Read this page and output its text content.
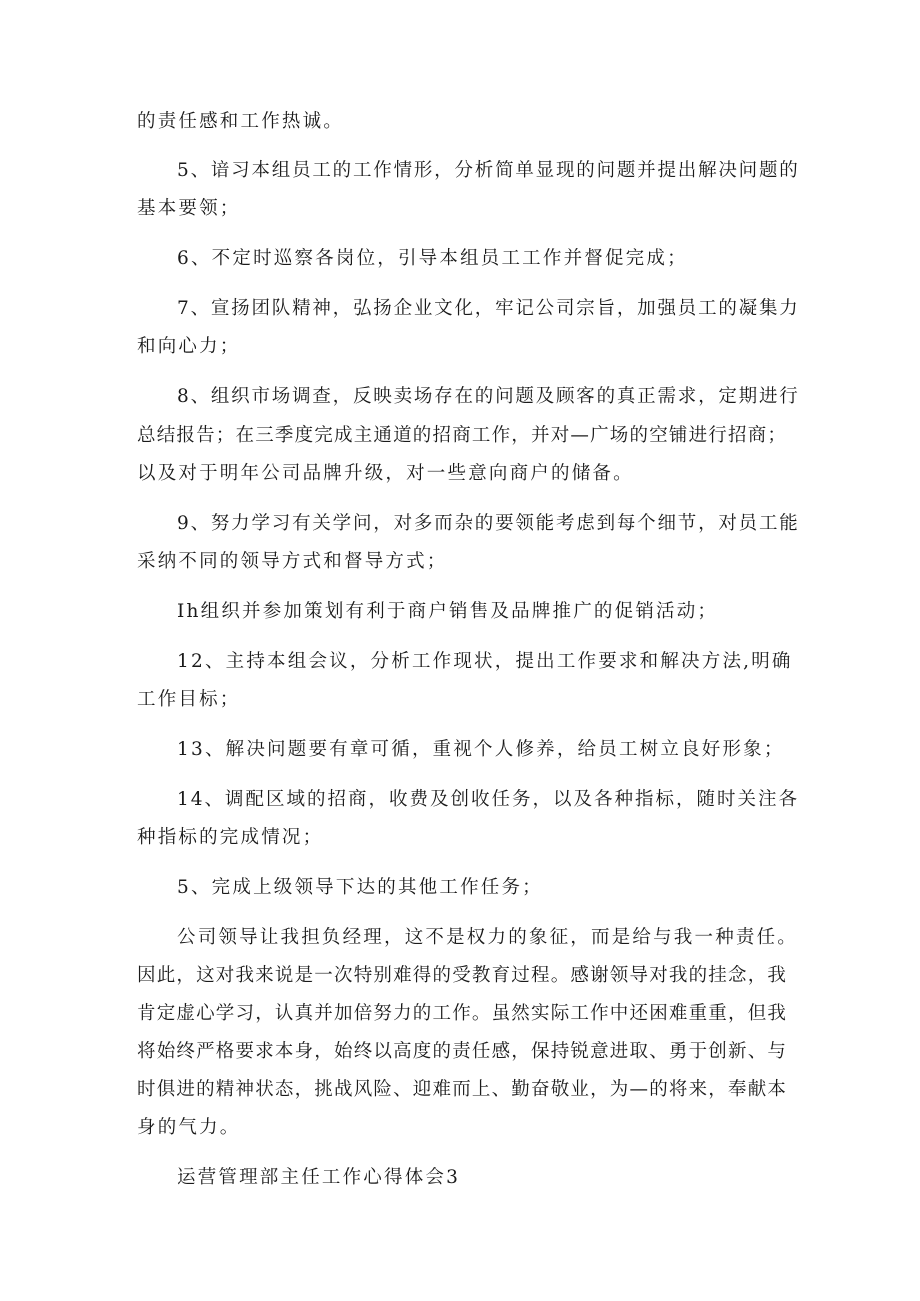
的责任感和工作热诚。

5、谙习本组员工的工作情形，分析简单显现的问题并提出解决问题的

基本要领；

6、不定时巡察各岗位，引导本组员工工作并督促完成；

7、宣扬团队精神，弘扬企业文化，牢记公司宗旨，加强员工的凝集力

和向心力；

8、组织市场调查，反映卖场存在的问题及顾客的真正需求，定期进行

总结报告；在三季度完成主通道的招商工作，并对—广场的空铺进行招商；

以及对于明年公司品牌升级，对一些意向商户的储备。

9、努力学习有关学问，对多而杂的要领能考虑到每个细节，对员工能

采纳不同的领导方式和督导方式；

Ih组织并参加策划有利于商户销售及品牌推广的促销活动；

12、主持本组会议，分析工作现状，提出工作要求和解决方法,明确

工作目标；

13、解决问题要有章可循，重视个人修养，给员工树立良好形象；

14、调配区域的招商，收费及创收任务，以及各种指标，随时关注各

种指标的完成情况；

5、完成上级领导下达的其他工作任务；

公司领导让我担负经理，这不是权力的象征，而是给与我一种责任。

因此，这对我来说是一次特别难得的受教育过程。感谢领导对我的挂念，我

肯定虚心学习，认真并加倍努力的工作。虽然实际工作中还困难重重，但我

将始终严格要求本身，始终以高度的责任感，保持锐意进取、勇于创新、与

时俱进的精神状态，挑战风险、迎难而上、勤奋敬业，为—的将来，奉献本

身的气力。

运营管理部主任工作心得体会3
